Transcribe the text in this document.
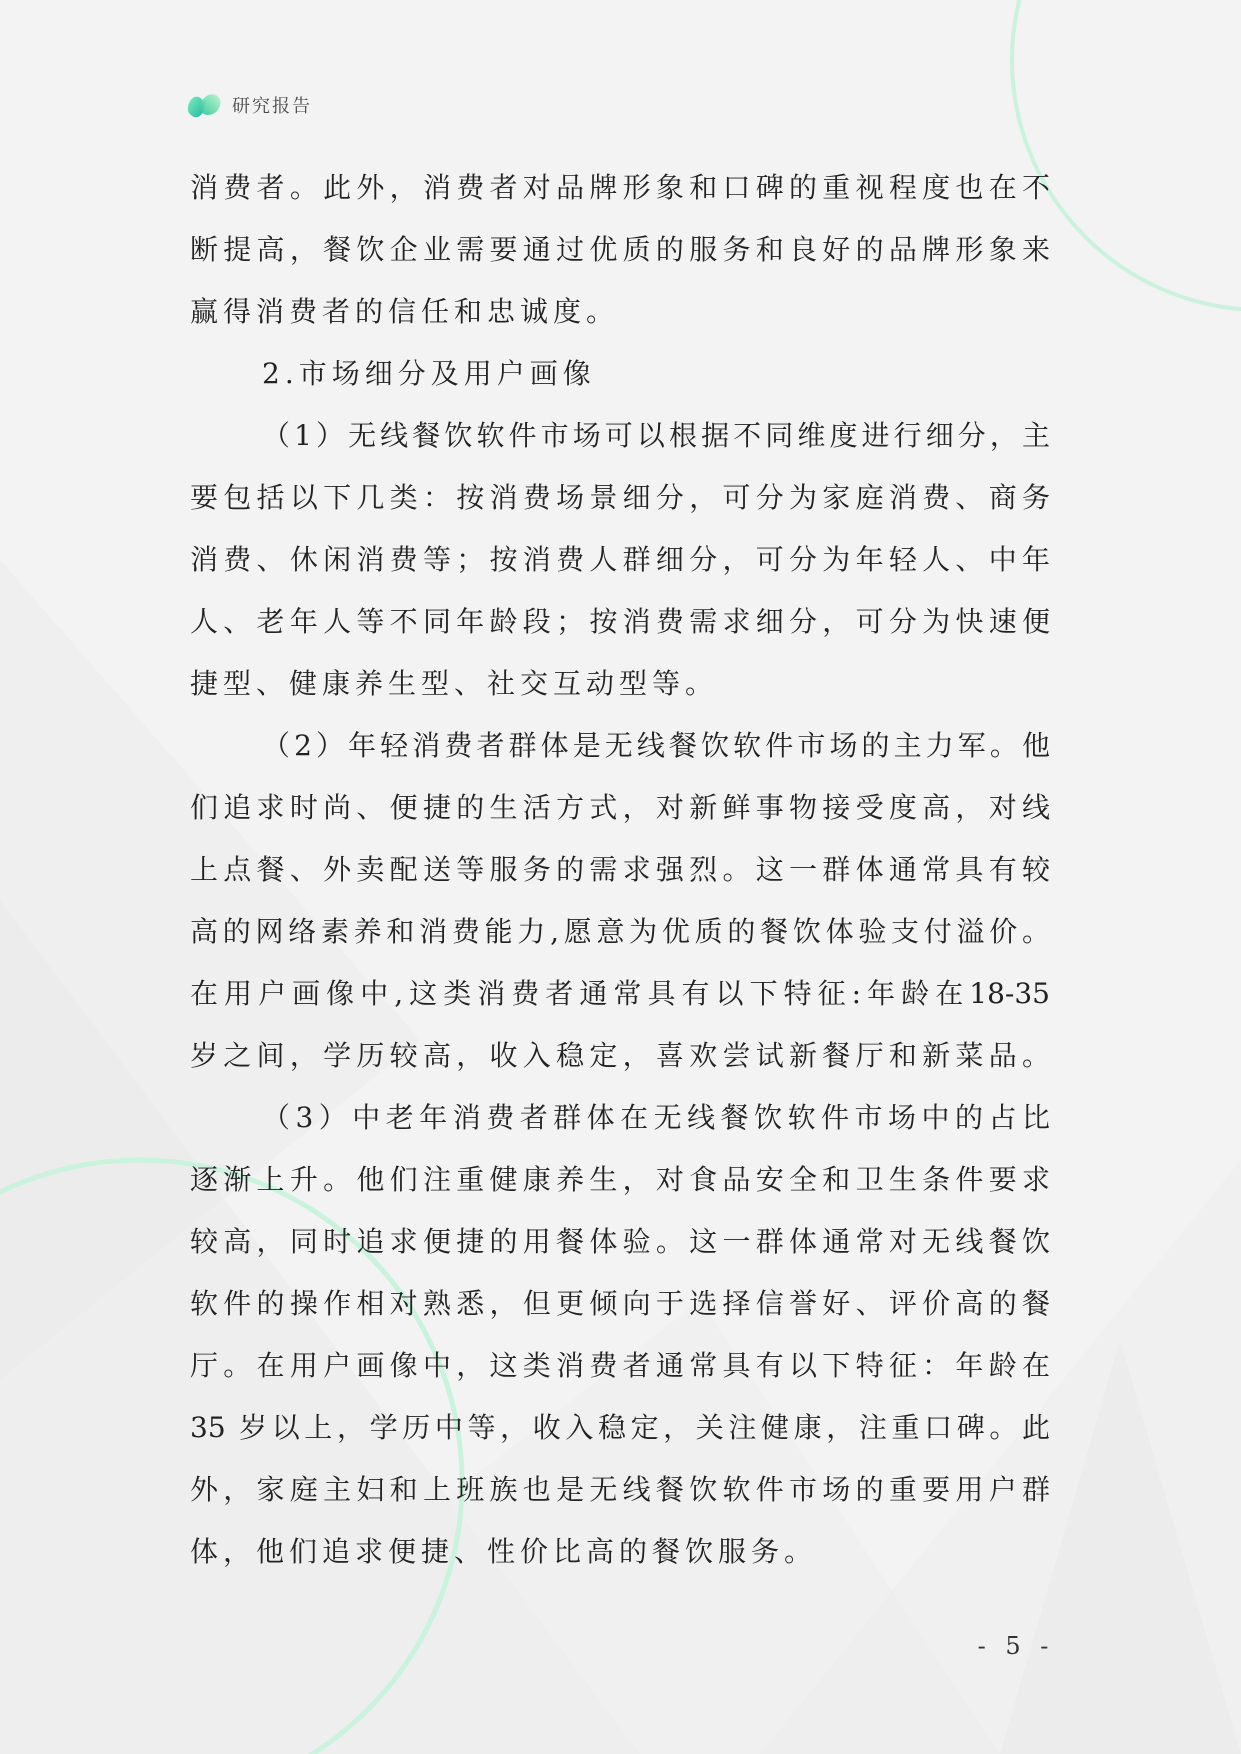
研究报告
消费者。此外，消费者对品牌形象和口碑的重视程度也在不
断提高，餐饮企业需要通过优质的服务和良好的品牌形象来
赢得消费者的信任和忠诚度。
2.市场细分及用户画像
（1）无线餐饮软件市场可以根据不同维度进行细分，主
要包括以下几类：按消费场景细分，可分为家庭消费、商务
消费、休闲消费等；按消费人群细分，可分为年轻人、中年
人、老年人等不同年龄段；按消费需求细分，可分为快速便
捷型、健康养生型、社交互动型等。
（2）年轻消费者群体是无线餐饮软件市场的主力军。他
们追求时尚、便捷的生活方式，对新鲜事物接受度高，对线
上点餐、外卖配送等服务的需求强烈。这一群体通常具有较
高的网络素养和消费能力,愿意为优质的餐饮体验支付溢价。
在用户画像中,这类消费者通常具有以下特征:年龄在18-35
岁之间，学历较高，收入稳定，喜欢尝试新餐厅和新菜品。
（3）中老年消费者群体在无线餐饮软件市场中的占比
逐渐上升。他们注重健康养生，对食品安全和卫生条件要求
较高，同时追求便捷的用餐体验。这一群体通常对无线餐饮
软件的操作相对熟悉，但更倾向于选择信誉好、评价高的餐
厅。在用户画像中，这类消费者通常具有以下特征：年龄在
35 岁以上，学历中等，收入稳定，关注健康，注重口碑。此
外，家庭主妇和上班族也是无线餐饮软件市场的重要用户群
体，他们追求便捷、性价比高的餐饮服务。
- 5 -
